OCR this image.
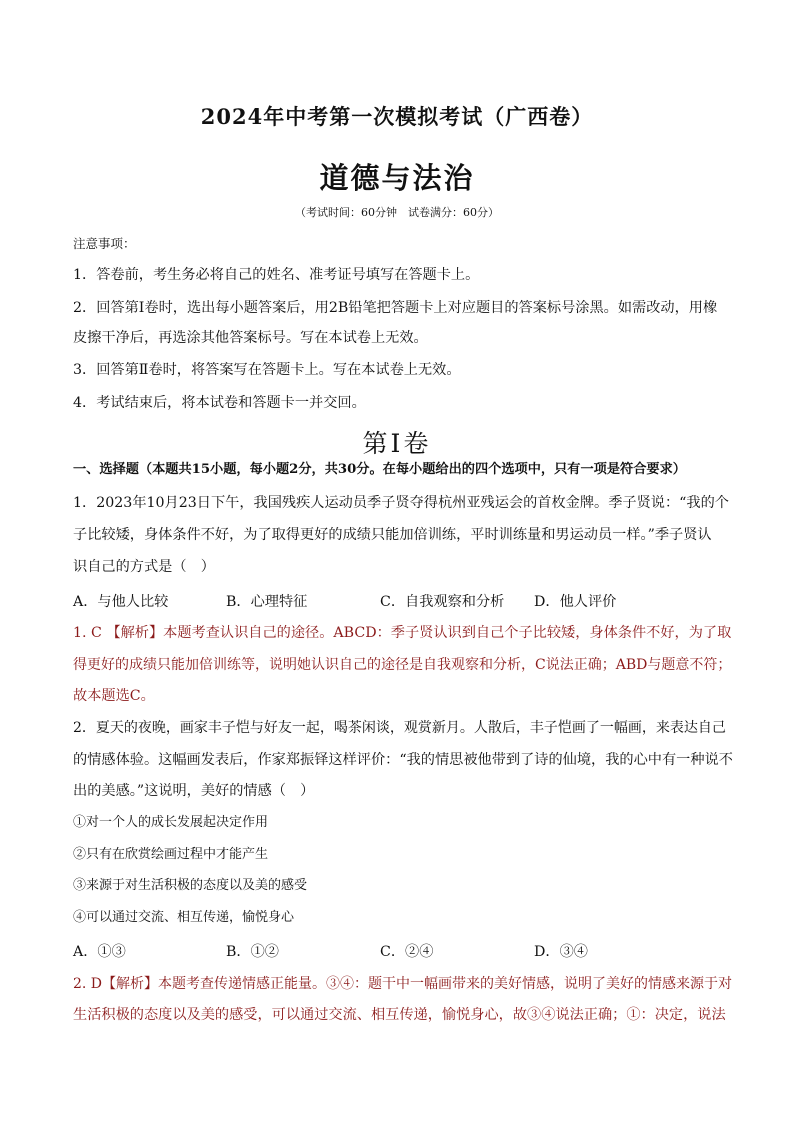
2024年中考第一次模拟考试（广西卷）
道德与法治
（考试时间：60分钟　试卷满分：60分）
注意事项：
1．答卷前，考生务必将自己的姓名、准考证号填写在答题卡上。
2．回答第Ⅰ卷时，选出每小题答案后，用2B铅笔把答题卡上对应题目的答案标号涂黑。如需改动，用橡
皮擦干净后，再选涂其他答案标号。写在本试卷上无效。
3．回答第Ⅱ卷时，将答案写在答题卡上。写在本试卷上无效。
4．考试结束后，将本试卷和答题卡一并交回。
第Ⅰ卷
一、选择题（本题共15小题，每小题2分，共30分。在每小题给出的四个选项中，只有一项是符合要求）
1．2023年10月23日下午，我国残疾人运动员季子贤夺得杭州亚残运会的首枚金牌。季子贤说：“我的个
子比较矮，身体条件不好，为了取得更好的成绩只能加倍训练，平时训练量和男运动员一样。”季子贤认
识自己的方式是（　）
A．与他人比较	B．心理特征	C．自我观察和分析 D．他人评价
1. C 【解析】本题考查认识自己的途径。ABCD：季子贤认识到自己个子比较矮，身体条件不好，为了取
得更好的成绩只能加倍训练等，说明她认识自己的途径是自我观察和分析，C说法正确；ABD与题意不符；
故本题选C。
2．夏天的夜晚，画家丰子恺与好友一起，喝茶闲谈，观赏新月。人散后，丰子恺画了一幅画，来表达自己
的情感体验。这幅画发表后，作家郑振铎这样评价：“我的情思被他带到了诗的仙境，我的心中有一种说不
出的美感。”这说明，美好的情感（　）
①对一个人的成长发展起决定作用
②只有在欣赏绘画过程中才能产生
③来源于对生活积极的态度以及美的感受
④可以通过交流、相互传递，愉悦身心
A．①③	B．①②	C．②④	D．③④
2. D【解析】本题考查传递情感正能量。③④：题干中一幅画带来的美好情感，说明了美好的情感来源于对
生活积极的态度以及美的感受，可以通过交流、相互传递，愉悦身心，故③④说法正确；①：决定，说法
